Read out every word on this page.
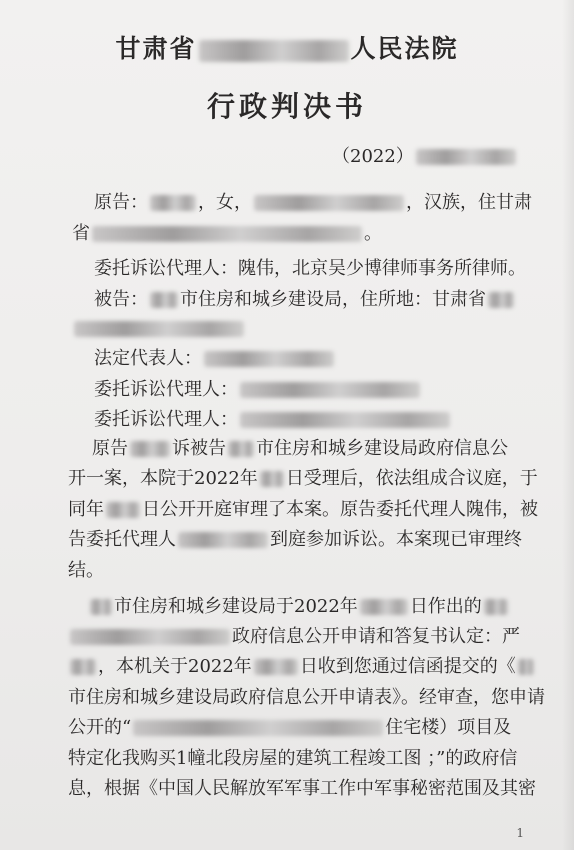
甘肃省	人民法院
行政判决书
（2022）
原告：	，女，	，汉族，住甘肃
省	。
委托诉讼代理人：隗伟，北京吴少博律师事务所律师。
被告： 市住房和城乡建设局，住所地：甘肃省
法定代表人：
委托诉讼代理人：
委托诉讼代理人：
原告 诉被告 市住房和城乡建设局政府信息公
开一案，本院于2022年 日受理后，依法组成合议庭，于
同年 日公开开庭审理了本案。原告委托代理人隗伟，被
告委托代理人	到庭参加诉讼。本案现已审理终
结。
市住房和城乡建设局于2022年	日作出的
政府信息公开申请和答复书认定：严
，本机关于2022年	日收到您通过信函提交的《
市住房和城乡建设局政府信息公开申请表》。经审查，您申请
公开的“	住宅楼）项目及
特定化我购买1幢北段房屋的建筑工程竣工图 ；”的政府信
息，根据《中国人民解放军军事工作中军事秘密范围及其密
1
